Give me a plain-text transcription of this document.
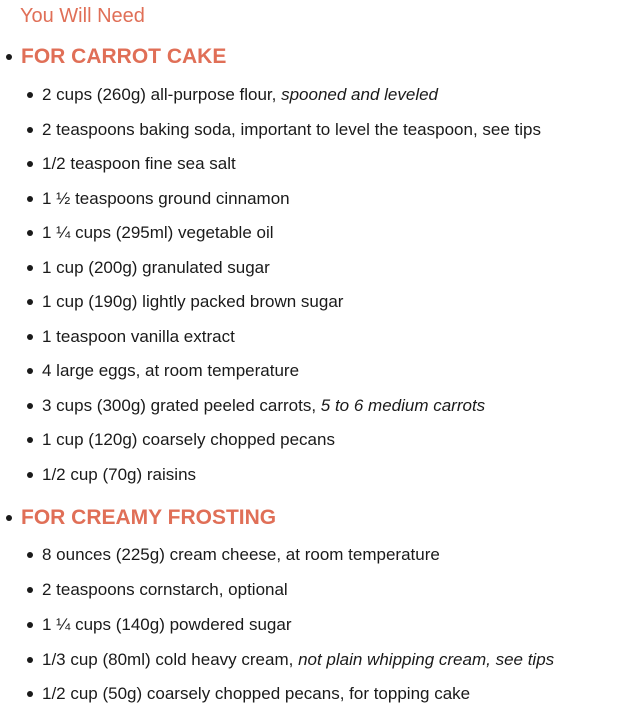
You Will Need
FOR CARROT CAKE
2 cups (260g) all-purpose flour, spooned and leveled
2 teaspoons baking soda, important to level the teaspoon, see tips
1/2 teaspoon fine sea salt
1 ½ teaspoons ground cinnamon
1 ¼ cups (295ml) vegetable oil
1 cup (200g) granulated sugar
1 cup (190g) lightly packed brown sugar
1 teaspoon vanilla extract
4 large eggs, at room temperature
3 cups (300g) grated peeled carrots, 5 to 6 medium carrots
1 cup (120g) coarsely chopped pecans
1/2 cup (70g) raisins
FOR CREAMY FROSTING
8 ounces (225g) cream cheese, at room temperature
2 teaspoons cornstarch, optional
1 ¼ cups (140g) powdered sugar
1/3 cup (80ml) cold heavy cream, not plain whipping cream, see tips
1/2 cup (50g) coarsely chopped pecans, for topping cake
